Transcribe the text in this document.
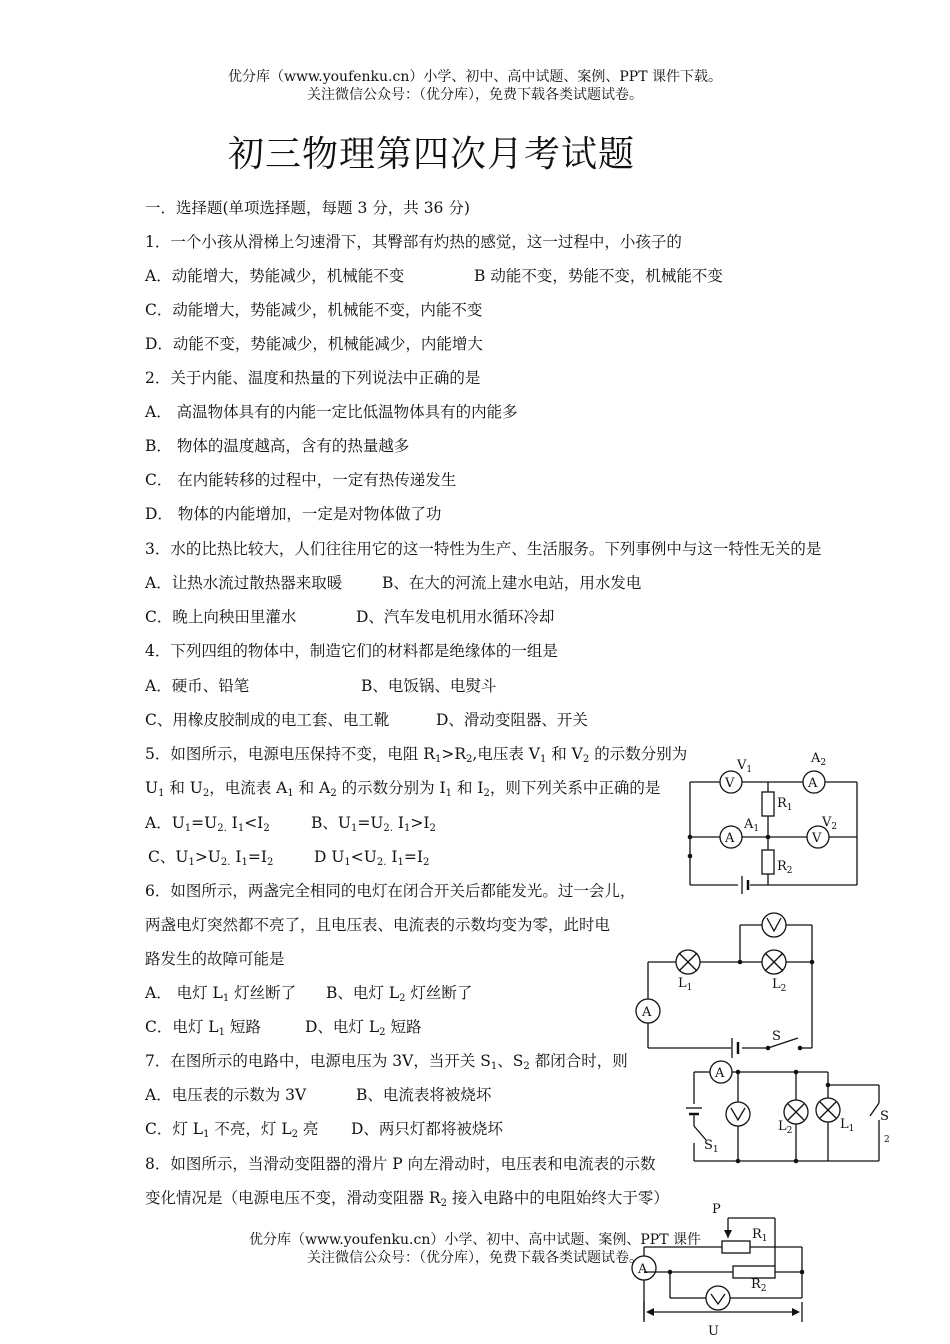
优分库（www.youfenku.cn）小学、初中、高中试题、案例、PPT 课件下载。
关注微信公众号：（优分库），免费下载各类试题试卷。
初三物理第四次月考试题
一．选择题(单项选择题，每题 3 分，共 36 分)
1．一个小孩从滑梯上匀速滑下，其臀部有灼热的感觉，这一过程中，小孩子的
A．动能增大，势能减少，机械能不变	B 动能不变，势能不变，机械能不变
C．动能增大，势能减少，机械能不变，内能不变
D．动能不变，势能减少，机械能减少，内能增大
2．关于内能、温度和热量的下列说法中正确的是
A． 高温物体具有的内能一定比低温物体具有的内能多
B． 物体的温度越高，含有的热量越多
C． 在内能转移的过程中，一定有热传递发生
D． 物体的内能增加，一定是对物体做了功
3．水的比热比较大，人们往往用它的这一特性为生产、生活服务。下列事例中与这一特性无关的是
A．让热水流过散热器来取暖	B、在大的河流上建水电站，用水发电
C．晚上向秧田里灌水	D、汽车发电机用水循环冷却
4．下列四组的物体中，制造它们的材料都是绝缘体的一组是
A．硬币、铅笔	B、电饭锅、电熨斗
C、用橡皮胶制成的电工套、电工靴	D、滑动变阻器、开关
5．如图所示，电源电压保持不变，电阻 $R_1>R_2$,电压表 $V_1$ 和 $V_2$ 的示数分别为
$U_1$ 和 $U_2$，电流表 $A_1$ 和 $A_2$ 的示数分别为 $I_1$ 和 $I_2$，则下列关系中正确的是
A．$U_1=U_{2.}$ $I_1<I_2$	B、$U_1=U_{2.}$ $I_1>I_2$
C、$U_1>U_{2.}$ $I_1=I_2$	D $U_1<U_{2.}$ $I_1=I_2$
V	A
A	V
$V_1$
$A_2$
$R_1$
$A_1$	$V_2$
$R_2$
6．如图所示，两盏完全相同的电灯在闭合开关后都能发光。过一会儿，
两盏电灯突然都不亮了，且电压表、电流表的示数均变为零，此时电
路发生的故障可能是
A． 电灯 $L_1$ 灯丝断了 B、电灯 $L_2$ 灯丝断了
C．电灯 $L_1$ 短路	D、电灯 $L_2$ 短路
A
$L_1$	$L_2$
S
7．在图所示的电路中，电源电压为 3V，当开关 $S_1$、$S_2$ 都闭合时，则
A．电压表的示数为 3V	B、电流表将被烧坏
C．灯 $L_1$ 不亮，灯 $L_2$ 亮 D、两只灯都将被烧坏
A
$L_2$	$L_1$
S
2
$S_1$
8．如图所示，当滑动变阻器的滑片 P 向左滑动时，电压表和电流表的示数
变化情况是（电源电压不变，滑动变阻器 $R_2$ 接入电路中的电阻始终大于零）
A
P
$R_1$
$R_2$
U
优分库（www.youfenku.cn）小学、初中、高中试题、案例、PPT 课件
关注微信公众号：（优分库），免费下载各类试题试卷。
